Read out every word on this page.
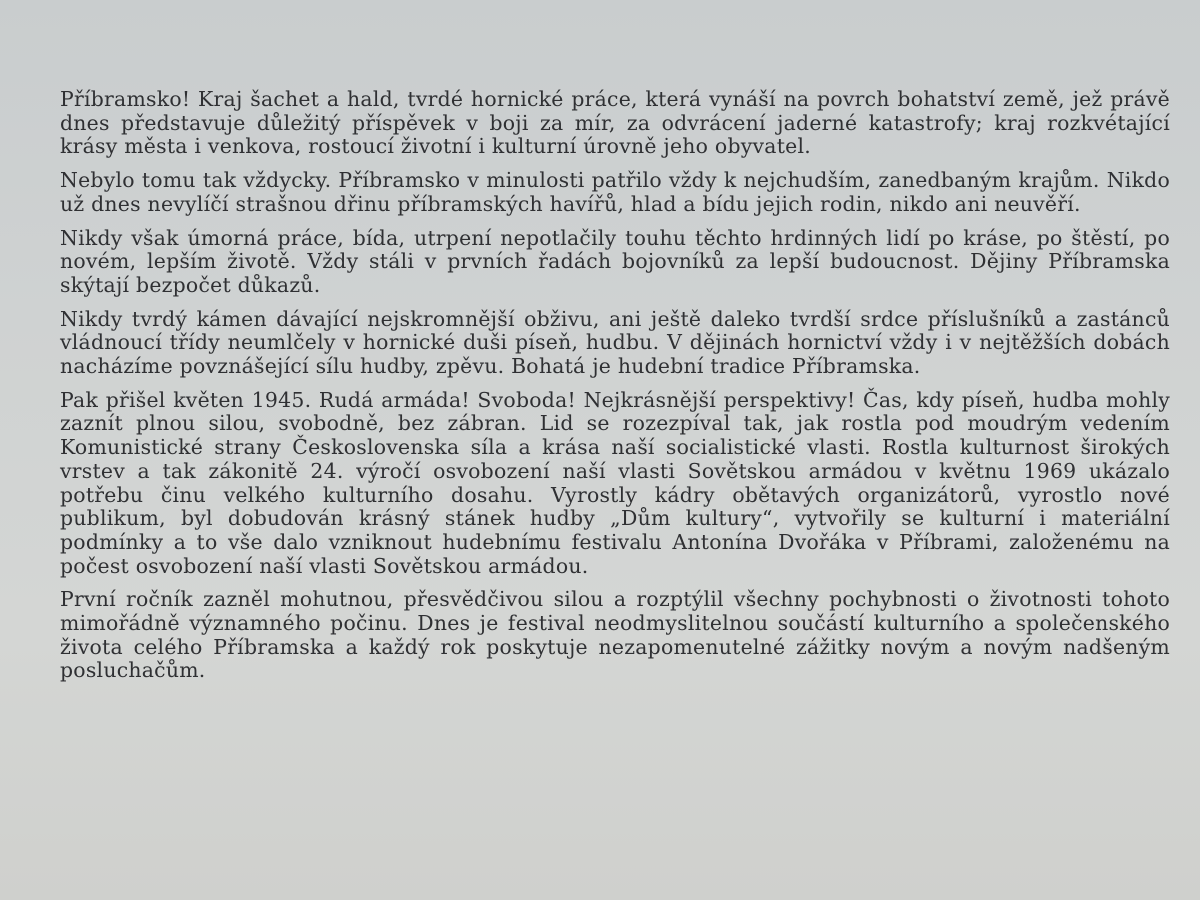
Příbramsko! Kraj šachet a hald, tvrdé hornické práce, která vynáší na povrch bohatství země, jež právě dnes představuje důležitý příspěvek v boji za mír, za odvrácení jaderné katastrofy; kraj rozkvétající krásy města i venkova, rostoucí životní i kulturní úrovně jeho obyvatel.

Nebylo tomu tak vždycky. Příbramsko v minulosti patřilo vždy k nejchudším, zanedbaným krajům. Nikdo už dnes nevylíčí strašnou dřinu příbramských havířů, hlad a bídu jejich rodin, nikdo ani neuvěří.

Nikdy však úmorná práce, bída, utrpení nepotlačily touhu těchto hrdinných lidí po kráse, po štěstí, po novém, lepším životě. Vždy stáli v prvních řadách bojovníků za lepší budoucnost. Dějiny Příbramska skýtají bezpočet důkazů.

Nikdy tvrdý kámen dávající nejskromnější obživu, ani ještě daleko tvrdší srdce příslušníků a zastánců vládnoucí třídy neumlčely v hornické duši píseň, hudbu. V dějinách hornictví vždy i v nejtěžších dobách nacházíme povznášející sílu hudby, zpěvu. Bohatá je hudební tradice Příbramska.

Pak přišel květen 1945. Rudá armáda! Svoboda! Nejkrásnější perspektivy! Čas, kdy píseň, hudba mohly zaznít plnou silou, svobodně, bez zábran. Lid se rozezpíval tak, jak rostla pod moudrým vedením Komunistické strany Československa síla a krása naší socialistické vlasti. Rostla kulturnost širokých vrstev a tak zákonitě 24. výročí osvobození naší vlasti Sovětskou armádou v květnu 1969 ukázalo potřebu činu velkého kulturního dosahu. Vyrostly kádry obětavých organizátorů, vyrostlo nové publikum, byl dobudován krásný stánek hudby „Dům kultury“, vytvořily se kulturní i materiální podmínky a to vše dalo vzniknout hudebnímu festivalu Antonína Dvořáka v Příbrami, založenému na počest osvobození naší vlasti Sovětskou armádou.

První ročník zazněl mohutnou, přesvědčivou silou a rozptýlil všechny pochybnosti o životnosti tohoto mimořádně významného počinu. Dnes je festival neodmyslitelnou součástí kulturního a společenského života celého Příbramska a každý rok poskytuje nezapomenutelné zážitky novým a novým nadšeným posluchačům.
